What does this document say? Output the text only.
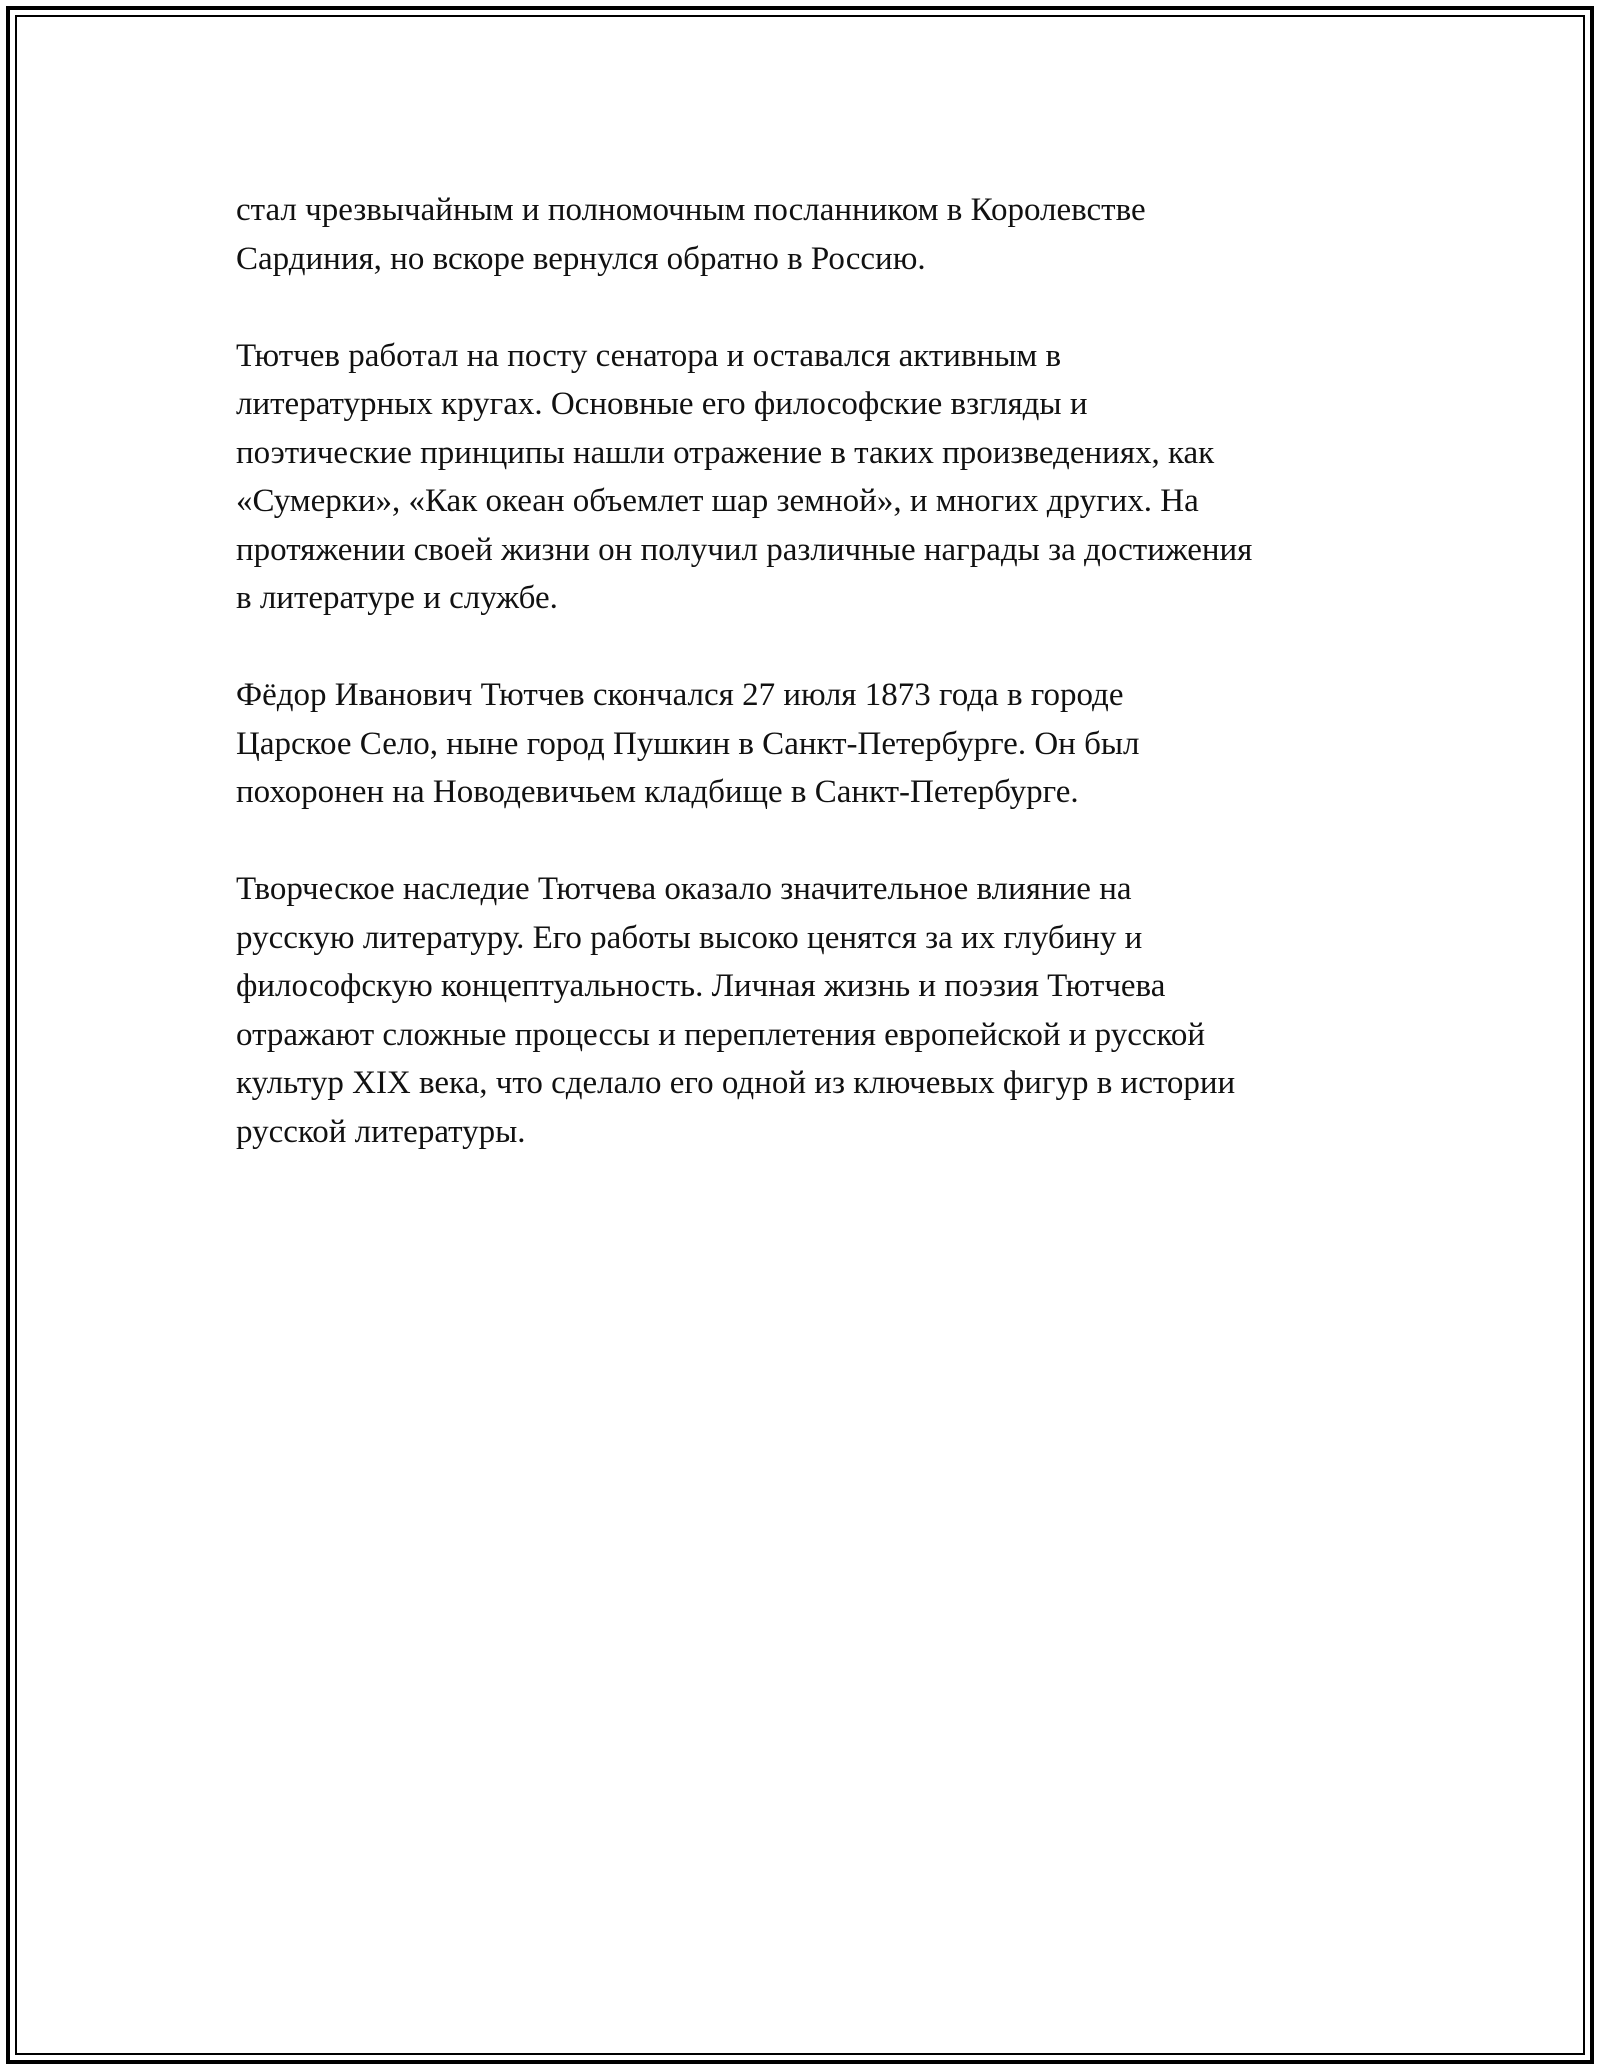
стал чрезвычайным и полномочным посланником в Королевстве
Сардиния, но вскоре вернулся обратно в Россию.

Тютчев работал на посту сенатора и оставался активным в
литературных кругах. Основные его философские взгляды и
поэтические принципы нашли отражение в таких произведениях, как
«Сумерки», «Как океан объемлет шар земной», и многих других. На
протяжении своей жизни он получил различные награды за достижения
в литературе и службе.

Фёдор Иванович Тютчев скончался 27 июля 1873 года в городе
Царское Село, ныне город Пушкин в Санкт-Петербурге. Он был
похоронен на Новодевичьем кладбище в Санкт-Петербурге.

Творческое наследие Тютчева оказало значительное влияние на
русскую литературу. Его работы высоко ценятся за их глубину и
философскую концептуальность. Личная жизнь и поэзия Тютчева
отражают сложные процессы и переплетения европейской и русской
культур XIX века, что сделало его одной из ключевых фигур в истории
русской литературы.
